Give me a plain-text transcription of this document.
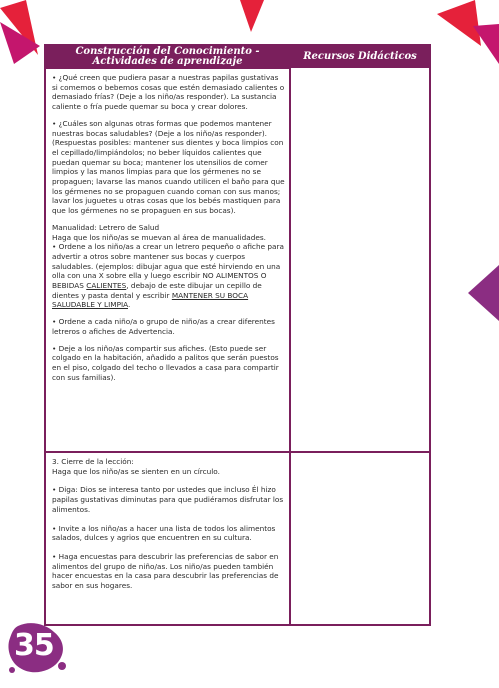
Construcción del Conocimiento -
Actividades de aprendizaje	Recursos Didácticos

• ¿Qué creen que pudiera pasar a nuestras papilas gustativas si comemos o bebemos cosas que estén demasiado calientes o demasiado frías? (Deje a los niño/as responder). La sustancia caliente o fría puede quemar su boca y crear dolores.

• ¿Cuáles son algunas otras formas que podemos mantener nuestras bocas saludables? (Deje a los niño/as responder). (Respuestas posibles: mantener sus dientes y boca limpios con el cepillado/limpiándolos; no beber líquidos calientes que puedan quemar su boca; mantener los utensilios de comer limpios y las manos limpias para que los gérmenes no se propaguen; lavarse las manos cuando utilicen el baño para que los gérmenes no se propaguen cuando coman con sus manos; lavar los juguetes u otras cosas que los bebés mastiquen para que los gérmenes no se propaguen en sus bocas).

Manualidad: Letrero de Salud

Haga que los niño/as se muevan al área de manualidades.

• Ordene a los niño/as a crear un letrero pequeño o afiche para advertir a otros sobre mantener sus bocas y cuerpos saludables. (ejemplos: dibujar agua que esté hirviendo en una olla con una X sobre ella y luego escribir NO ALIMENTOS O BEBIDAS CALIENTES, debajo de este dibujar un cepillo de dientes y pasta dental y escribir MANTENER SU BOCA SALUDABLE Y LIMPIA.

• Ordene a cada niño/a o grupo de niño/as a crear diferentes letreros o afiches de Advertencia.

• Deje a los niño/as compartir sus afiches. (Esto puede ser colgado en la habitación, añadido a palitos que serán puestos en el piso, colgado del techo o llevados a casa para compartir con sus familias).

3. Cierre de la lección:

Haga que los niño/as se sienten en un círculo.

• Diga: Dios se interesa tanto por ustedes que incluso Él hizo papilas gustativas diminutas para que pudiéramos disfrutar los alimentos.

• Invite a los niño/as a hacer una lista de todos los alimentos salados, dulces y agrios que encuentren en su cultura.

• Haga encuestas para descubrir las preferencias de sabor en alimentos del grupo de niño/as. Los niño/as pueden también hacer encuestas en la casa para descubrir las preferencias de sabor en sus hogares.

35
